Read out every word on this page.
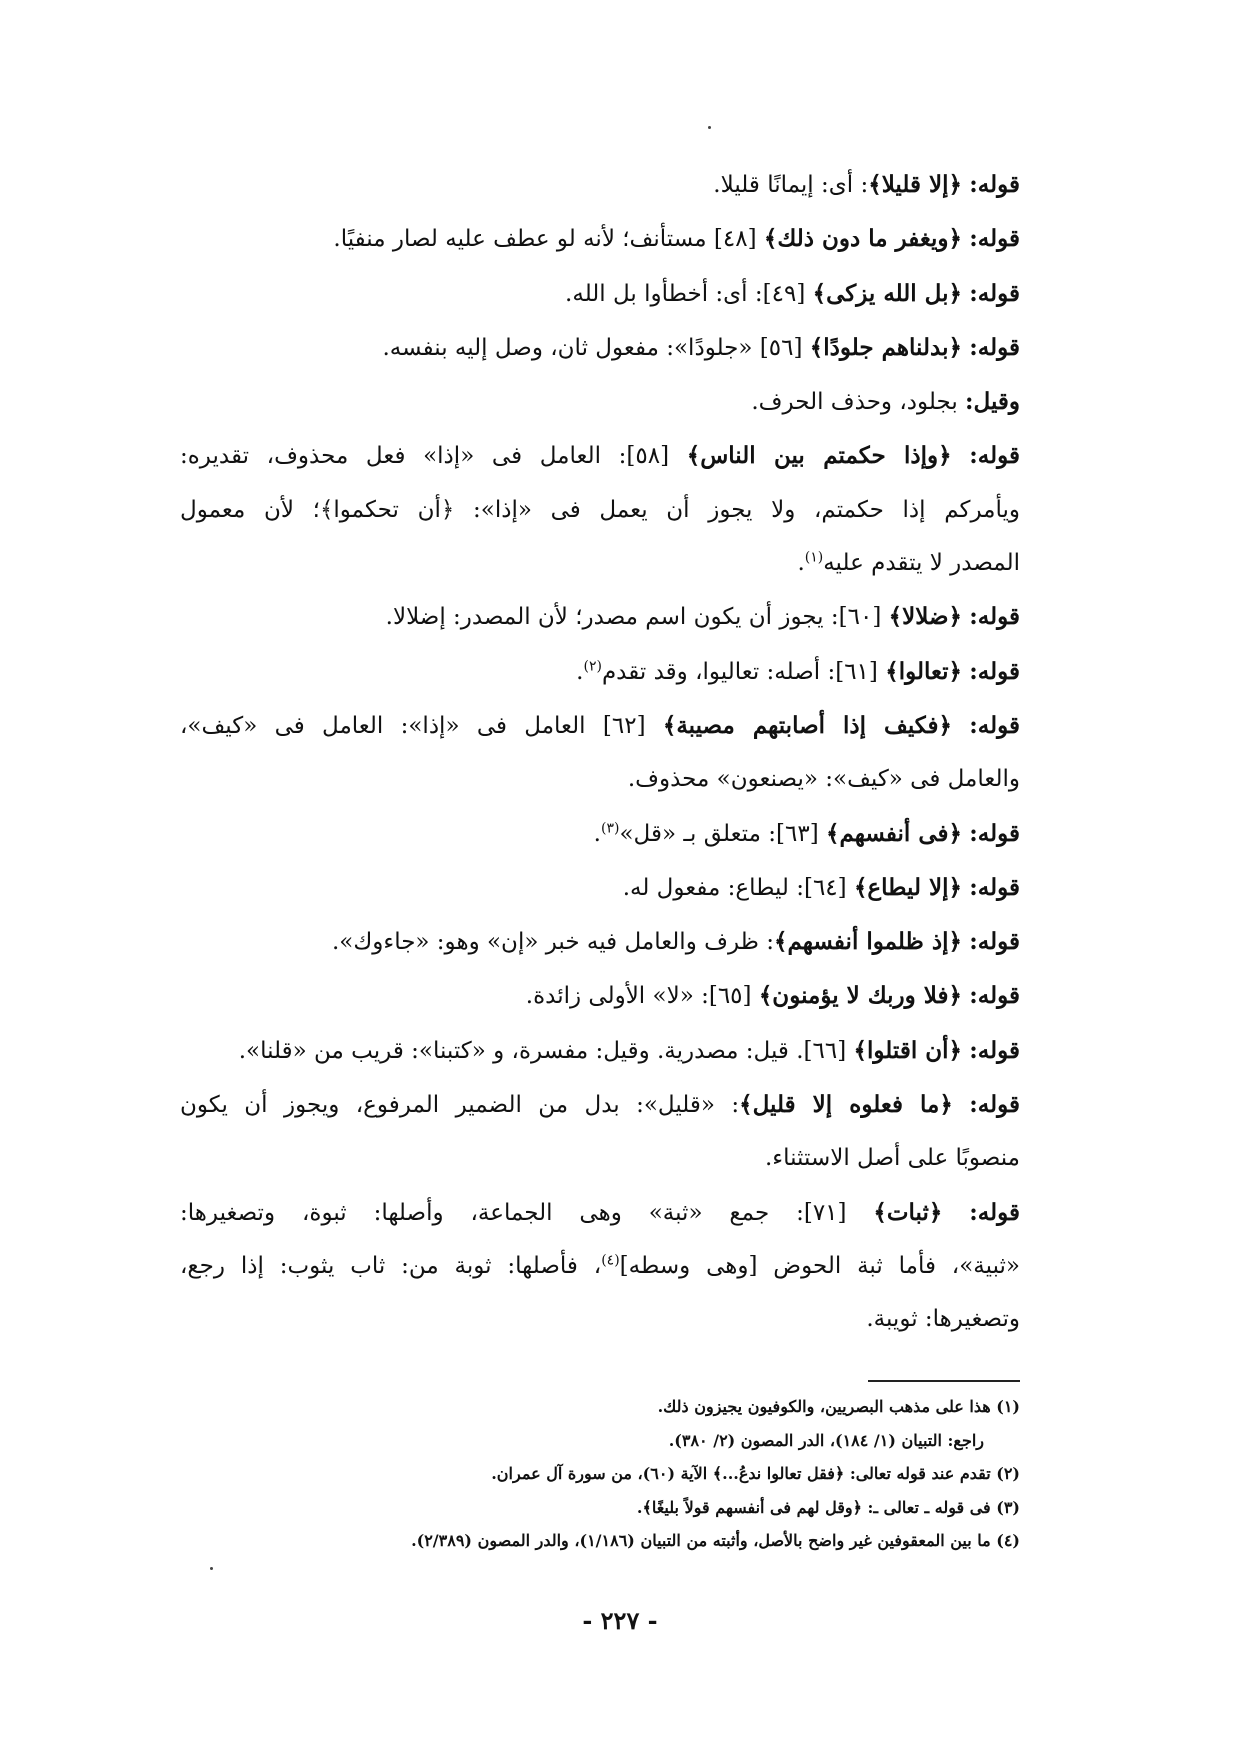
قوله: ﴿إلا قليلا﴾: أى: إيمانًا قليلا.
قوله: ﴿ويغفر ما دون ذلك﴾ [٤٨] مستأنف؛ لأنه لو عطف عليه لصار منفيًا.
قوله: ﴿بل الله يزكى﴾ [٤٩]: أى: أخطأوا بل الله.
قوله: ﴿بدلناهم جلودًا﴾ [٥٦] «جلودًا»: مفعول ثان، وصل إليه بنفسه.
وقيل: بجلود، وحذف الحرف.
قوله: ﴿وإذا حكمتم بين الناس﴾ [٥٨]: العامل فى «إذا» فعل محذوف، تقديره:
ويأمركم إذا حكمتم، ولا يجوز أن يعمل فى «إذا»: ﴿أن تحكموا﴾؛ لأن معمول
المصدر لا يتقدم عليه$^{(١)}$.
قوله: ﴿ضلالا﴾ [٦٠]: يجوز أن يكون اسم مصدر؛ لأن المصدر: إضلالا.
قوله: ﴿تعالوا﴾ [٦١]: أصله: تعاليوا، وقد تقدم$^{(٢)}$.
قوله: ﴿فكيف إذا أصابتهم مصيبة﴾ [٦٢] العامل فى «إذا»: العامل فى «كيف»،
والعامل فى «كيف»: «يصنعون» محذوف.
قوله: ﴿فى أنفسهم﴾ [٦٣]: متعلق بـ «قل»$^{(٣)}$.
قوله: ﴿إلا ليطاع﴾ [٦٤]: ليطاع: مفعول له.
قوله: ﴿إذ ظلموا أنفسهم﴾: ظرف والعامل فيه خبر «إن» وهو: «جاءوك».
قوله: ﴿فلا وربك لا يؤمنون﴾ [٦٥]: «لا» الأولى زائدة.
قوله: ﴿أن اقتلوا﴾ [٦٦]. قيل: مصدرية. وقيل: مفسرة، و «كتبنا»: قريب من «قلنا».
قوله: ﴿ما فعلوه إلا قليل﴾: «قليل»: بدل من الضمير المرفوع، ويجوز أن يكون
منصوبًا على أصل الاستثناء.
قوله: ﴿ثبات﴾ [٧١]: جمع «ثبة» وهى الجماعة، وأصلها: ثبوة، وتصغيرها:
«ثبية»، فأما ثبة الحوض [وهى وسطه]$^{(٤)}$، فأصلها: ثوبة من: ثاب يثوب: إذا رجع،
وتصغيرها: ثويبة.
(١) هذا على مذهب البصريين، والكوفيون يجيزون ذلك.
راجع: التبيان (١/ ١٨٤)، الدر المصون (٢/ ٣٨٠).
(٢) تقدم عند قوله تعالى: ﴿فقل تعالوا ندعُ...﴾ الآية (٦٠)، من سورة آل عمران.
(٣) فى قوله ـ تعالى ـ: ﴿وقل لهم فى أنفسهم قولاً بليغًا﴾.
(٤) ما بين المعقوفين غير واضح بالأصل، وأثبته من التبيان (١/١٨٦)، والدر المصون (٢/٣٨٩).
- ٢٢٧ -
